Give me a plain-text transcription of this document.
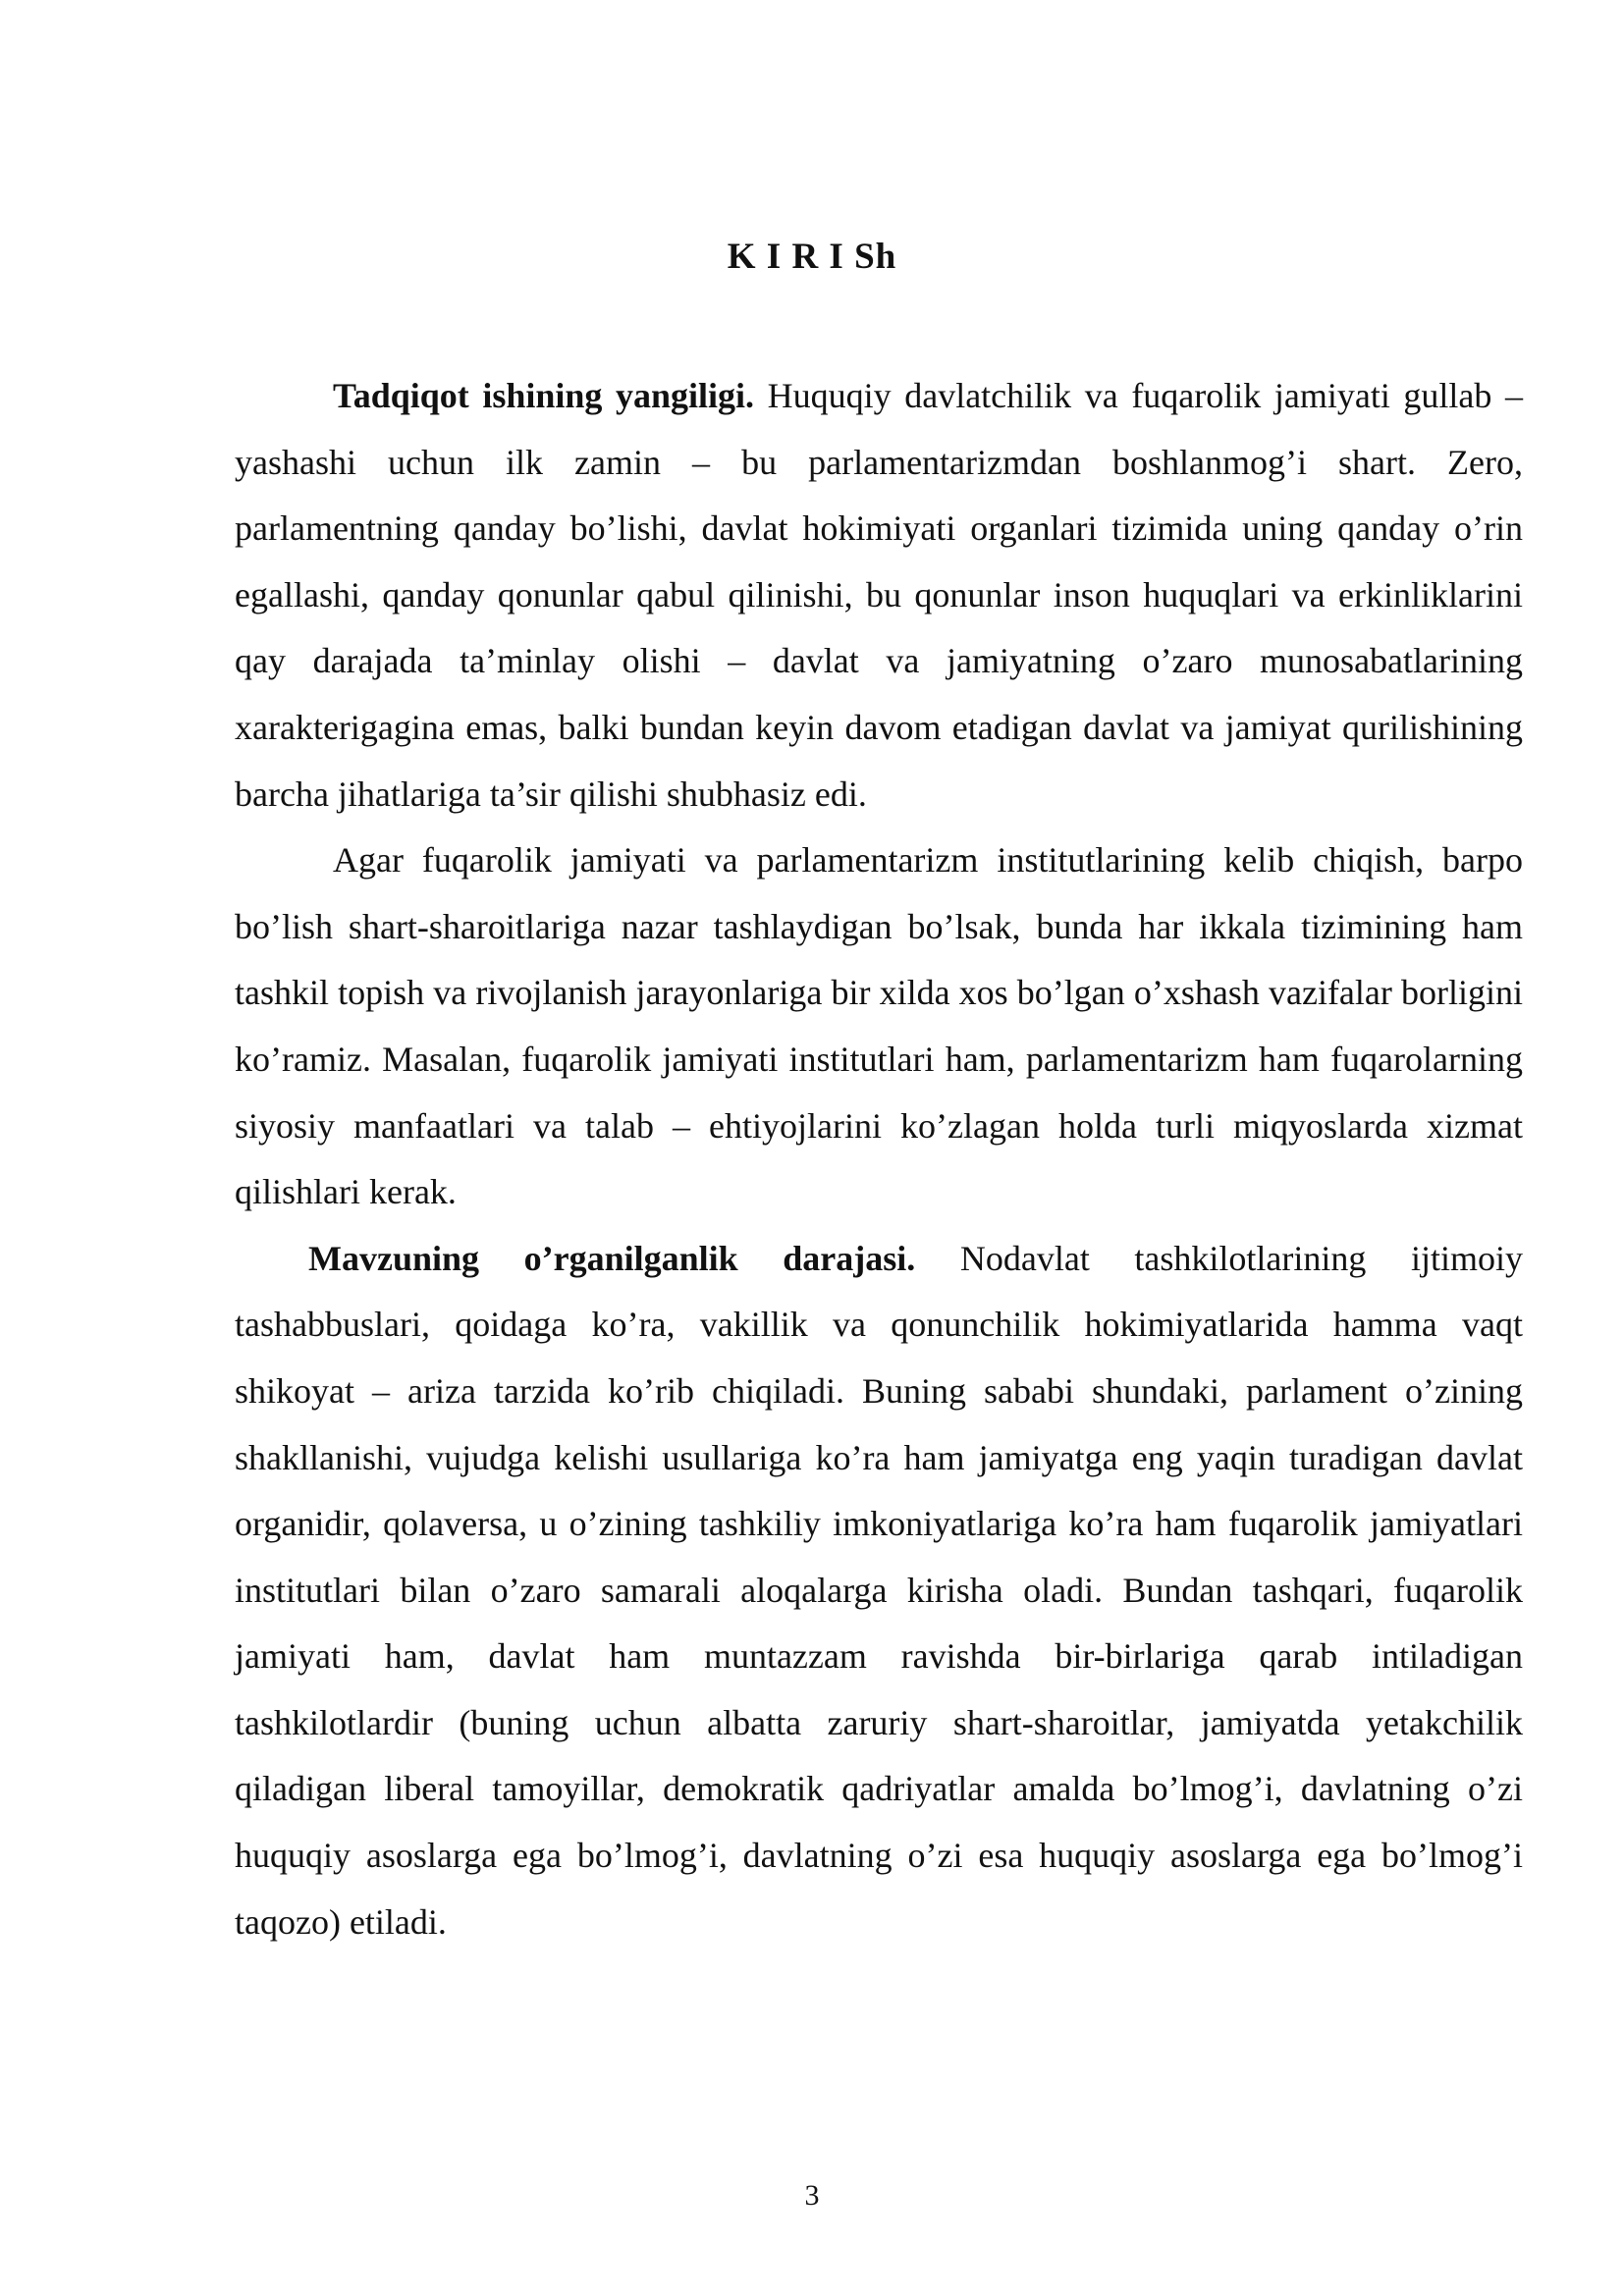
K I R I Sh

Tadqiqot ishining yangiligi. Huquqiy davlatchilik va fuqarolik jamiyati gullab – yashashi uchun ilk zamin – bu parlamentarizmdan boshlanmog’i shart. Zero, parlamentning qanday bo’lishi, davlat hokimiyati organlari tizimida uning qanday o’rin egallashi, qanday qonunlar qabul qilinishi, bu qonunlar inson huquqlari va erkinliklarini qay darajada ta’minlay olishi – davlat va jamiyatning o’zaro munosabatlarining xarakterigagina emas, balki bundan keyin davom etadigan davlat va jamiyat qurilishining barcha jihatlariga ta’sir qilishi shubhasiz edi.

Agar fuqarolik jamiyati va parlamentarizm institutlarining kelib chiqish, barpo bo’lish shart-sharoitlariga nazar tashlaydigan bo’lsak, bunda har ikkala tizimining ham tashkil topish va rivojlanish jarayonlariga bir xilda xos bo’lgan o’xshash vazifalar borligini ko’ramiz. Masalan, fuqarolik jamiyati institutlari ham, parlamentarizm ham fuqarolarning siyosiy manfaatlari va talab – ehtiyojlarini ko’zlagan holda turli miqyoslarda xizmat qilishlari kerak.

Mavzuning o’rganilganlik darajasi. Nodavlat tashkilotlarining ijtimoiy tashabbuslari, qoidaga ko’ra, vakillik va qonunchilik hokimiyatlarida hamma vaqt shikoyat – ariza tarzida ko’rib chiqiladi. Buning sababi shundaki, parlament o’zining shakllanishi, vujudga kelishi usullariga ko’ra ham jamiyatga eng yaqin turadigan davlat organidir, qolaversa, u o’zining tashkiliy imkoniyatlariga ko’ra ham fuqarolik jamiyatlari institutlari bilan o’zaro samarali aloqalarga kirisha oladi. Bundan tashqari, fuqarolik jamiyati ham, davlat ham muntazzam ravishda bir-birlariga qarab intiladigan tashkilotlardir (buning uchun albatta zaruriy shart-sharoitlar, jamiyatda yetakchilik qiladigan liberal tamoyillar, demokratik qadriyatlar amalda bo’lmog’i, davlatning o’zi huquqiy asoslarga ega bo’lmog’i, davlatning o’zi esa huquqiy asoslarga ega bo’lmog’i taqozo) etiladi.

3
